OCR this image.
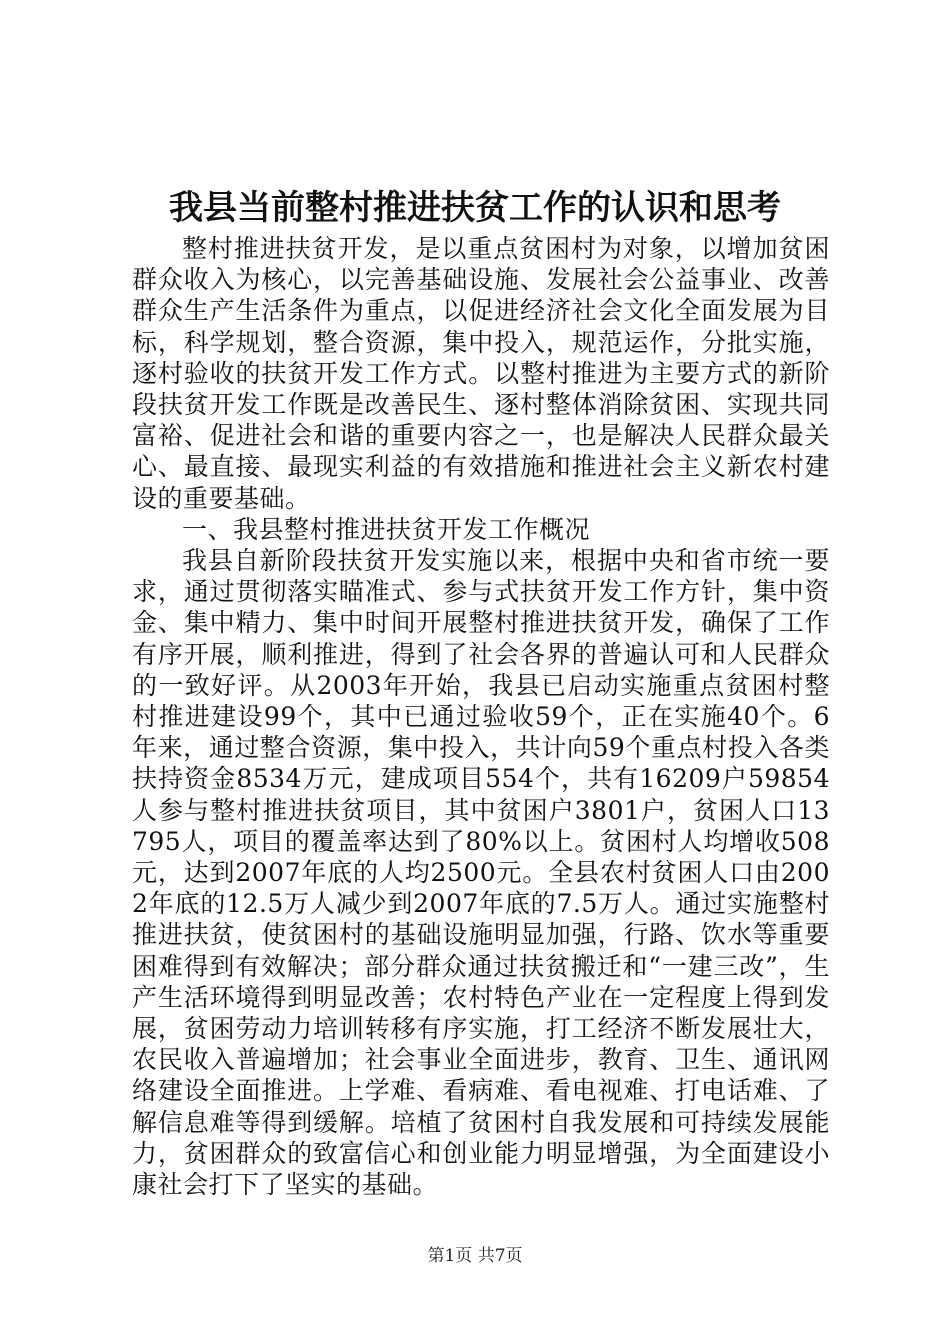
我县当前整村推进扶贫工作的认识和思考

整村推进扶贫开发，是以重点贫困村为对象，以增加贫困群众收入为核心，以完善基础设施、发展社会公益事业、改善群众生产生活条件为重点，以促进经济社会文化全面发展为目标，科学规划，整合资源，集中投入，规范运作，分批实施，逐村验收的扶贫开发工作方式。以整村推进为主要方式的新阶段扶贫开发工作既是改善民生、逐村整体消除贫困、实现共同富裕、促进社会和谐的重要内容之一，也是解决人民群众最关心、最直接、最现实利益的有效措施和推进社会主义新农村建设的重要基础。

一、我县整村推进扶贫开发工作概况

我县自新阶段扶贫开发实施以来，根据中央和省市统一要求，通过贯彻落实瞄准式、参与式扶贫开发工作方针，集中资金、集中精力、集中时间开展整村推进扶贫开发，确保了工作有序开展，顺利推进，得到了社会各界的普遍认可和人民群众的一致好评。从2003年开始，我县已启动实施重点贫困村整村推进建设99个，其中已通过验收59个，正在实施40个。6年来，通过整合资源，集中投入，共计向59个重点村投入各类扶持资金8534万元，建成项目554个，共有16209户59854人参与整村推进扶贫项目，其中贫困户3801户，贫困人口13795人，项目的覆盖率达到了80%以上。贫困村人均增收508元，达到2007年底的人均2500元。全县农村贫困人口由2002年底的12.5万人减少到2007年底的7.5万人。通过实施整村推进扶贫，使贫困村的基础设施明显加强，行路、饮水等重要困难得到有效解决；部分群众通过扶贫搬迁和“一建三改”，生产生活环境得到明显改善；农村特色产业在一定程度上得到发展，贫困劳动力培训转移有序实施，打工经济不断发展壮大，农民收入普遍增加；社会事业全面进步，教育、卫生、通讯网络建设全面推进。上学难、看病难、看电视难、打电话难、了解信息难等得到缓解。培植了贫困村自我发展和可持续发展能力，贫困群众的致富信心和创业能力明显增强，为全面建设小康社会打下了坚实的基础。

第1页 共7页
